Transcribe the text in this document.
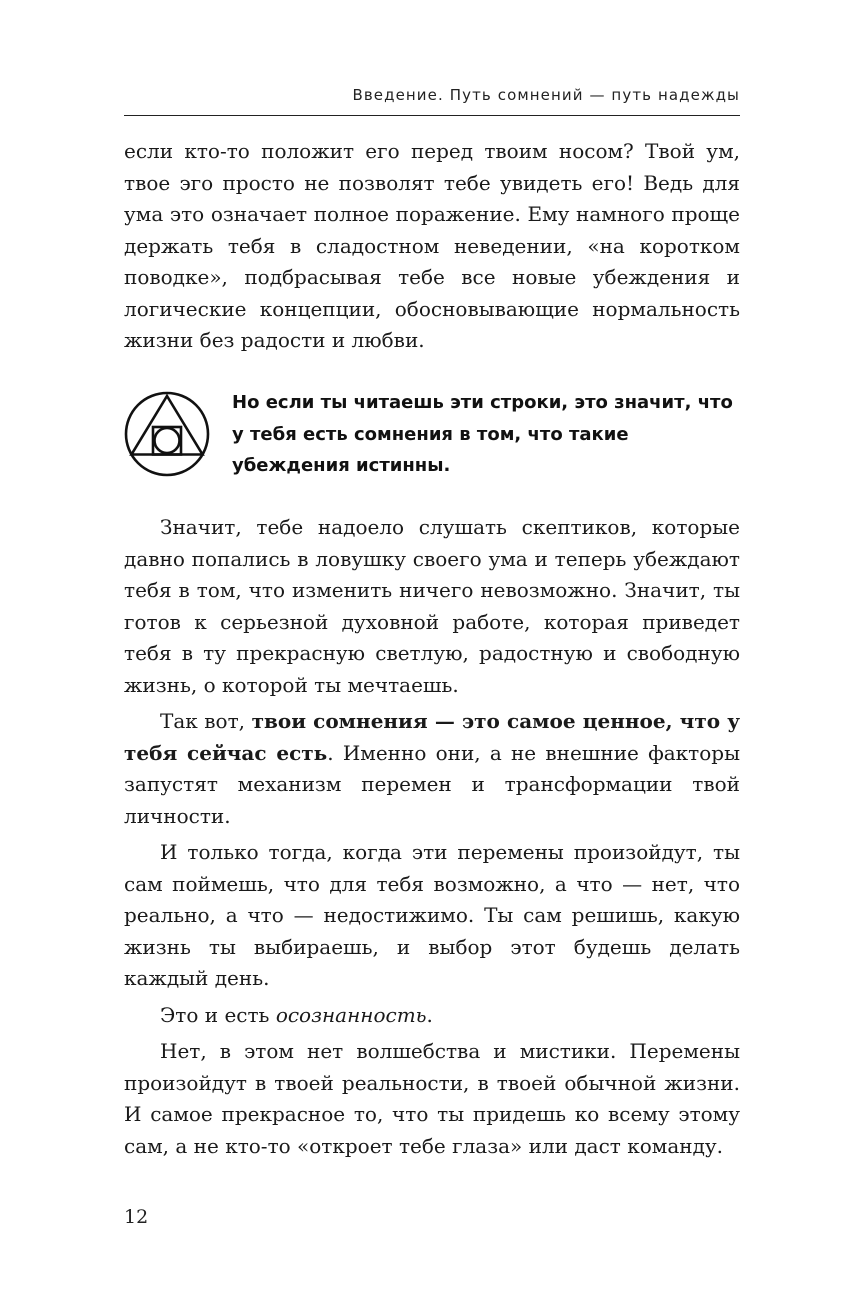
Введение. Путь сомнений — путь надежды

если кто-то положит его перед твоим носом? Твой ум, твое эго просто не позволят тебе увидеть его! Ведь для ума это означает полное поражение. Ему намного проще держать тебя в сладостном неведении, «на коротком поводке», подбрасывая тебе все новые убеждения и логические концепции, обосновывающие нормальность жизни без радости и любви.

Но если ты читаешь эти строки, это значит, что у тебя есть сомнения в том, что такие убеждения истинны.

Значит, тебе надоело слушать скептиков, которые давно попались в ловушку своего ума и теперь убеждают тебя в том, что изменить ничего невозможно. Значит, ты готов к серьезной духовной работе, которая приведет тебя в ту прекрасную светлую, радостную и свободную жизнь, о которой ты мечтаешь.

Так вот, твои сомнения — это самое ценное, что у тебя сейчас есть. Именно они, а не внешние факторы запустят механизм перемен и трансформации твой личности.

И только тогда, когда эти перемены произойдут, ты сам поймешь, что для тебя возможно, а что — нет, что реально, а что — недостижимо. Ты сам решишь, какую жизнь ты выбираешь, и выбор этот будешь делать каждый день.

Это и есть осознанность.

Нет, в этом нет волшебства и мистики. Перемены произойдут в твоей реальности, в твоей обычной жизни. И самое прекрасное то, что ты придешь ко всему этому сам, а не кто-то «откроет тебе глаза» или даст команду.

12
